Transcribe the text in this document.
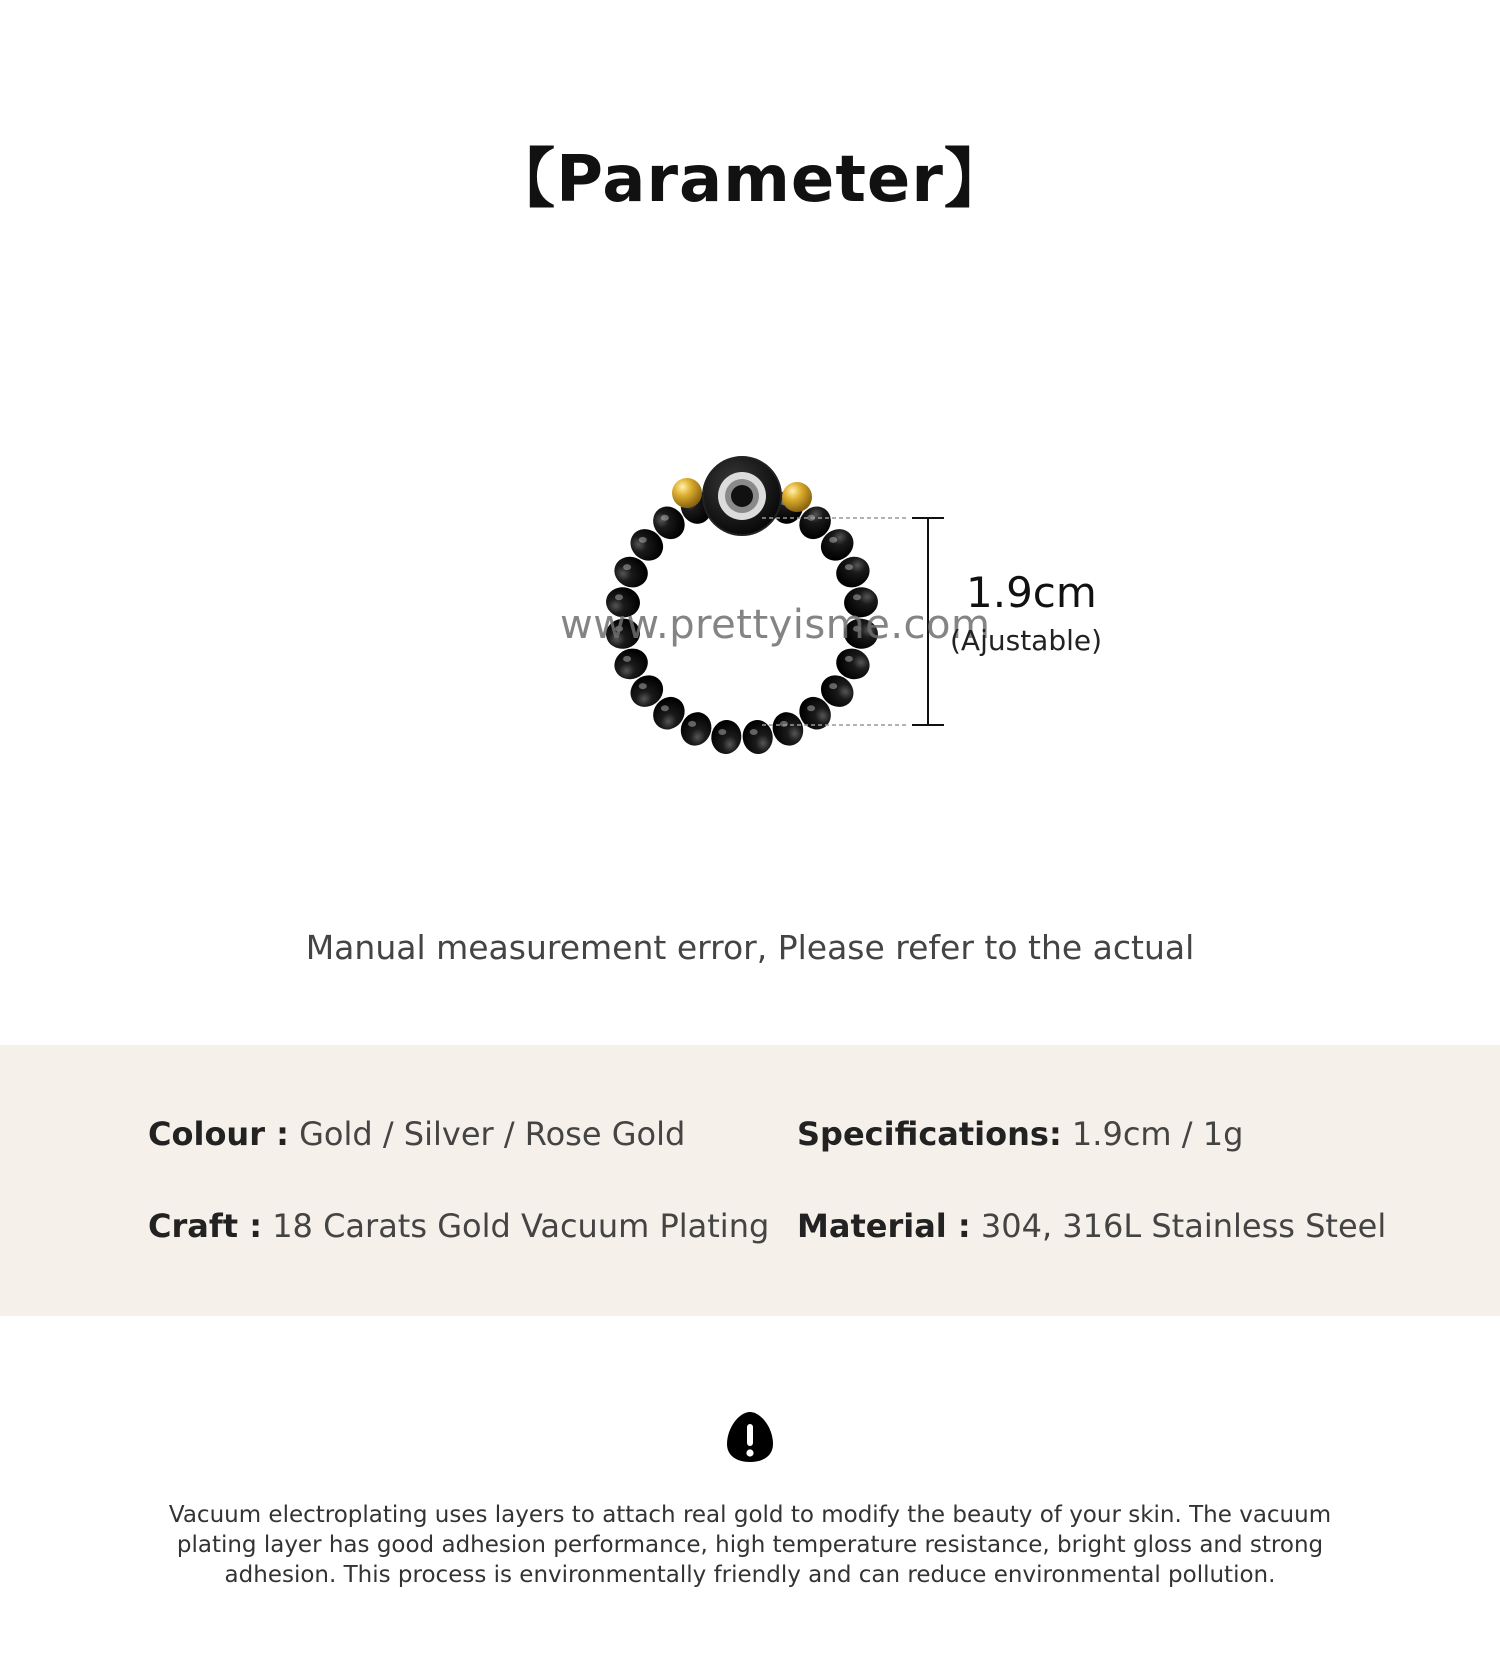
【Parameter】
www.prettyisme.com
1.9cm
(Ajustable)
Manual measurement error, Please refer to the actual
Colour : Gold / Silver / Rose Gold	Specifications: 1.9cm / 1g
Craft : 18 Carats Gold Vacuum Plating Material : 304, 316L Stainless Steel

Vacuum electroplating uses layers to attach real gold to modify the beauty of your skin. The vacuum plating layer has good adhesion performance, high temperature resistance, bright gloss and strong adhesion. This process is environmentally friendly and can reduce environmental pollution.
